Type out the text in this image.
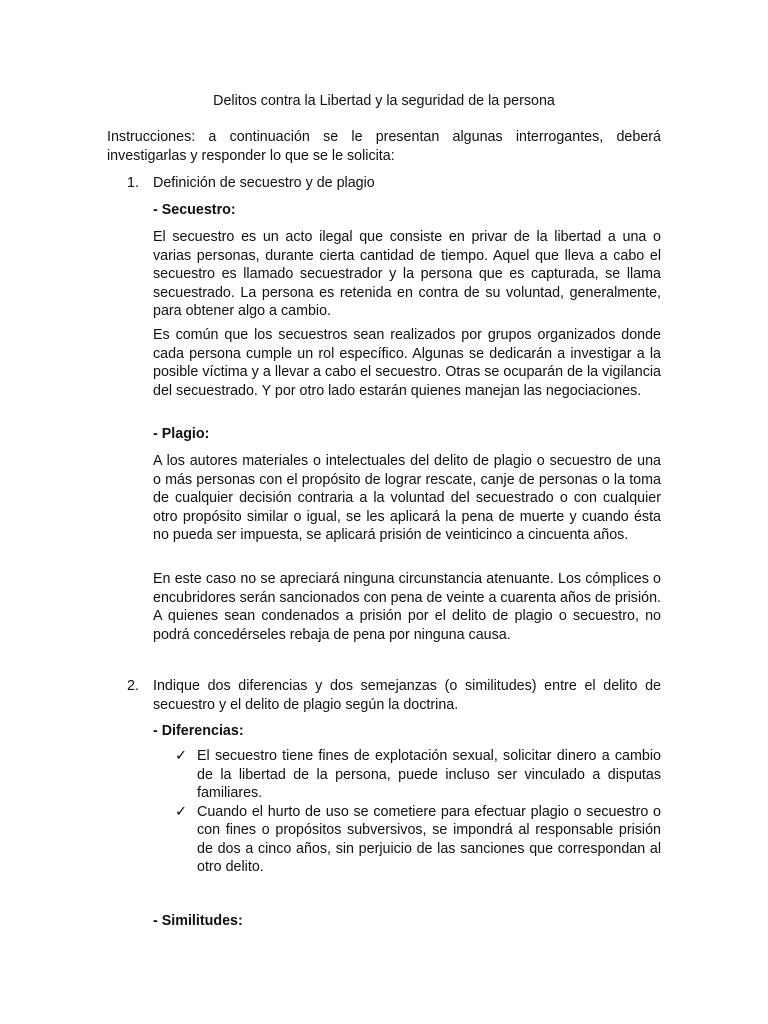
Delitos contra la Libertad y la seguridad de la persona
Instrucciones: a continuación se le presentan algunas interrogantes, deberá investigarlas y responder lo que se le solicita:
1. Definición de secuestro y de plagio
- Secuestro:
El secuestro es un acto ilegal que consiste en privar de la libertad a una o varias personas, durante cierta cantidad de tiempo. Aquel que lleva a cabo el secuestro es llamado secuestrador y la persona que es capturada, se llama secuestrado. La persona es retenida en contra de su voluntad, generalmente, para obtener algo a cambio.
Es común que los secuestros sean realizados por grupos organizados donde cada persona cumple un rol específico. Algunas se dedicarán a investigar a la posible víctima y a llevar a cabo el secuestro. Otras se ocuparán de la vigilancia del secuestrado. Y por otro lado estarán quienes manejan las negociaciones.
- Plagio:
A los autores materiales o intelectuales del delito de plagio o secuestro de una o más personas con el propósito de lograr rescate, canje de personas o la toma de cualquier decisión contraria a la voluntad del secuestrado o con cualquier otro propósito similar o igual, se les aplicará la pena de muerte y cuando ésta no pueda ser impuesta, se aplicará prisión de veinticinco a cincuenta años.
En este caso no se apreciará ninguna circunstancia atenuante. Los cómplices o encubridores serán sancionados con pena de veinte a cuarenta años de prisión. A quienes sean condenados a prisión por el delito de plagio o secuestro, no podrá concedérseles rebaja de pena por ninguna causa.
2. Indique dos diferencias y dos semejanzas (o similitudes) entre el delito de secuestro y el delito de plagio según la doctrina.
- Diferencias:
✓ El secuestro tiene fines de explotación sexual, solicitar dinero a cambio de la libertad de la persona, puede incluso ser vinculado a disputas familiares.
✓ Cuando el hurto de uso se cometiere para efectuar plagio o secuestro o con fines o propósitos subversivos, se impondrá al responsable prisión de dos a cinco años, sin perjuicio de las sanciones que correspondan al otro delito.
- Similitudes:
